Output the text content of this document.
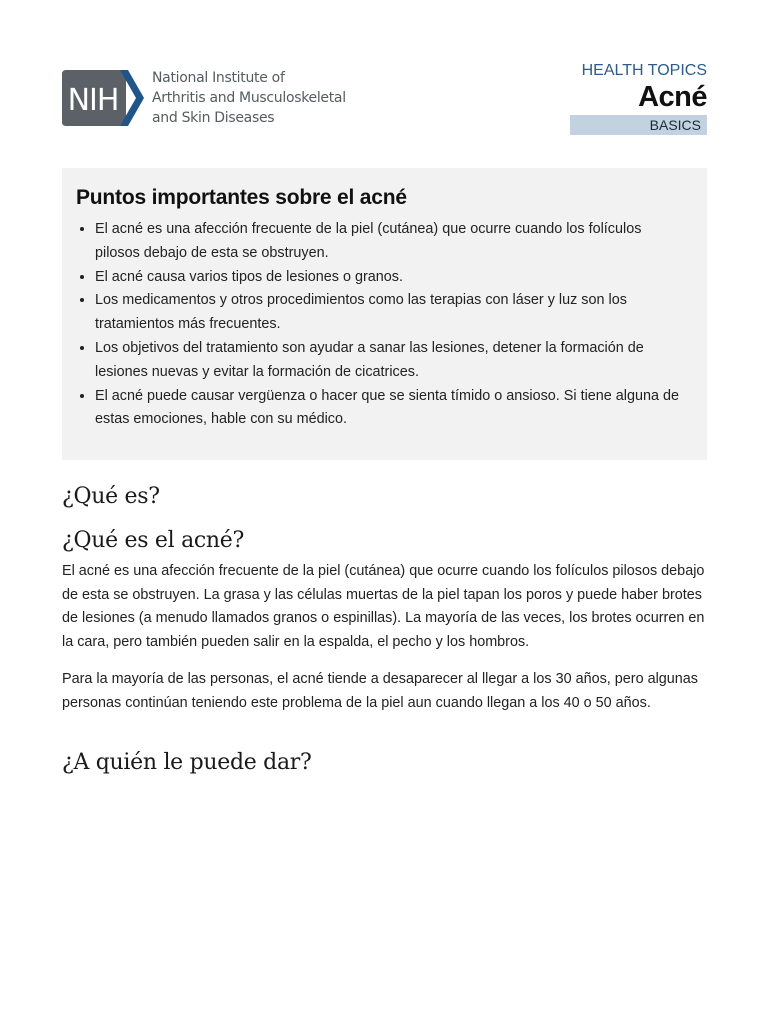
NIH
National Institute of
Arthritis and Musculoskeletal
and Skin Diseases
HEALTH TOPICS
Acné
BASICS
Puntos importantes sobre el acné
• El acné es una afección frecuente de la piel (cutánea) que ocurre cuando los folículos pilosos debajo de esta se obstruyen.
• El acné causa varios tipos de lesiones o granos.
• Los medicamentos y otros procedimientos como las terapias con láser y luz son los tratamientos más frecuentes.
• Los objetivos del tratamiento son ayudar a sanar las lesiones, detener la formación de lesiones nuevas y evitar la formación de cicatrices.
• El acné puede causar vergüenza o hacer que se sienta tímido o ansioso. Si tiene alguna de estas emociones, hable con su médico.
¿Qué es?
¿Qué es el acné?

El acné es una afección frecuente de la piel (cutánea) que ocurre cuando los folículos pilosos debajo de esta se obstruyen. La grasa y las células muertas de la piel tapan los poros y puede haber brotes de lesiones (a menudo llamados granos o espinillas). La mayoría de las veces, los brotes ocurren en la cara, pero también pueden salir en la espalda, el pecho y los hombros.

Para la mayoría de las personas, el acné tiende a desaparecer al llegar a los 30 años, pero algunas personas continúan teniendo este problema de la piel aun cuando llegan a los 40 o 50 años.

¿A quién le puede dar?
